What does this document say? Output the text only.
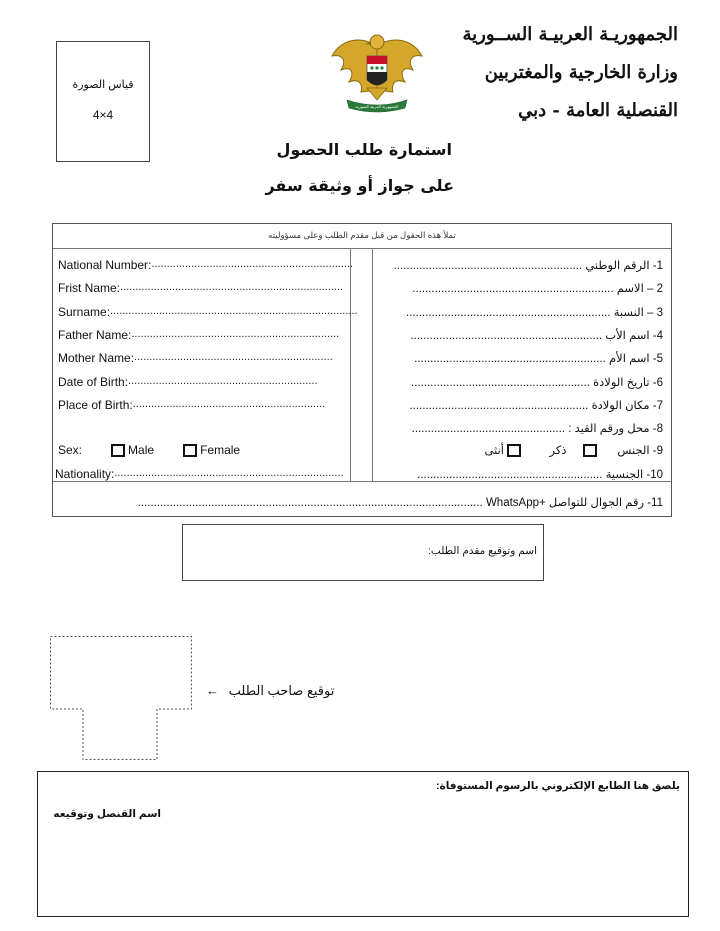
قياس الصورة
4×4
الجمهورية العربية السورية
الجمهوريـة العربيـة الســورية
وزارة الخارجية والمغتربين
القنصلية العامة - دبي
استمارة طلب الحصول
على جواز أو وثيقة سفر
تملأ هذه الحقول من قبل مقدم الطلب وعلى مسؤوليته
National Number: ..................................................................
Frist Name: .........................................................................
Surname: .................................................................................
Father Name: ....................................................................
Mother Name: .................................................................
Date of Birth: ..............................................................
Place of Birth: ...............................................................
Sex:	Male	Female
Nationality: ...........................................................................
1- الرقم الوطني ...........................................................
2 – الاسم ...............................................................
3 – النسبة ................................................................
4- اسم الأب ............................................................
5- اسم الأم ............................................................
6- تاريخ الولادة ........................................................
7- مكان الولادة ........................................................
8- محل ورقم القيد : ................................................
9- الجنس    ذكر   أنثى
10- الجنسية ..........................................................
11- رقم الجوال للتواصل +WhatsApp ............................................................................................................
اسم وتوقيع مقدم الطلب:
← توقيع صاحب الطلب
يلصق هنا الطابع الإلكتروني بالرسوم المستوفاة:
اسم القنصل وتوقيعه
